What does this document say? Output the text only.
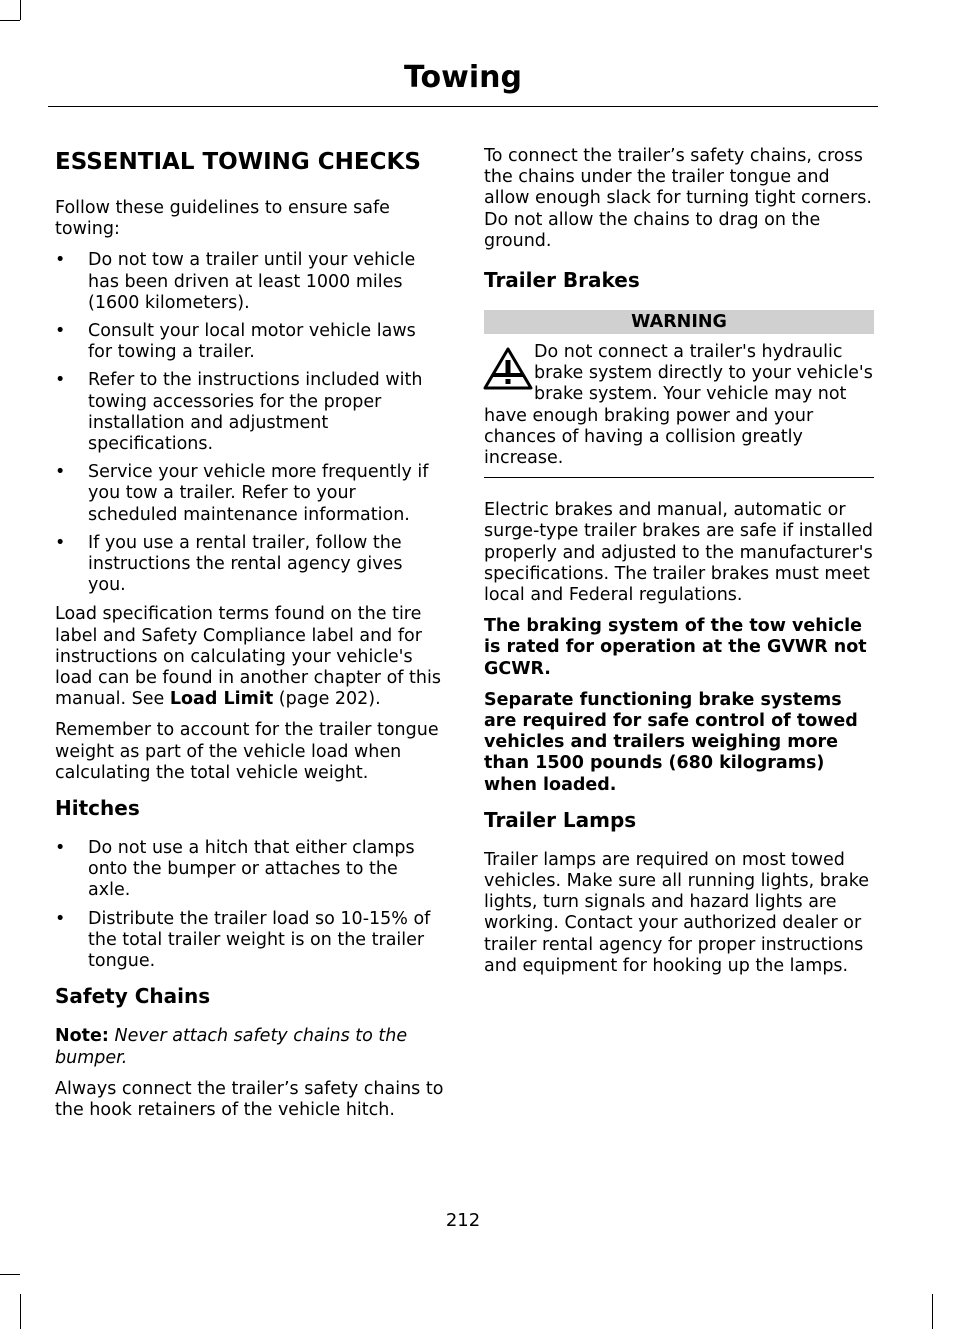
Towing
ESSENTIAL TOWING CHECKS

Follow these guidelines to ensure safe towing:

• Do not tow a trailer until your vehicle has been driven at least 1000 miles (1600 kilometers).
• Consult your local motor vehicle laws for towing a trailer.
• Refer to the instructions included with towing accessories for the proper installation and adjustment specifications.
• Service your vehicle more frequently if you tow a trailer. Refer to your scheduled maintenance information.
• If you use a rental trailer, follow the instructions the rental agency gives you.

Load specification terms found on the tire label and Safety Compliance label and for instructions on calculating your vehicle's load can be found in another chapter of this manual. See Load Limit (page 202).

Remember to account for the trailer tongue weight as part of the vehicle load when calculating the total vehicle weight.

Hitches
• Do not use a hitch that either clamps onto the bumper or attaches to the axle.
• Distribute the trailer load so 10-15% of the total trailer weight is on the trailer tongue.
Safety Chains

Note: Never attach safety chains to the bumper.

Always connect the trailer’s safety chains to the hook retainers of the vehicle hitch.

To connect the trailer’s safety chains, cross the chains under the trailer tongue and allow enough slack for turning tight corners. Do not allow the chains to drag on the ground.

Trailer Brakes
WARNING

Do not connect a trailer's hydraulic brake system directly to your vehicle's brake system. Your vehicle may not have enough braking power and your chances of having a collision greatly increase.

Electric brakes and manual, automatic or surge-type trailer brakes are safe if installed properly and adjusted to the manufacturer's specifications. The trailer brakes must meet local and Federal regulations.

The braking system of the tow vehicle is rated for operation at the GVWR not GCWR.

Separate functioning brake systems are required for safe control of towed vehicles and trailers weighing more than 1500 pounds (680 kilograms) when loaded.

Trailer Lamps

Trailer lamps are required on most towed vehicles. Make sure all running lights, brake lights, turn signals and hazard lights are working. Contact your authorized dealer or trailer rental agency for proper instructions and equipment for hooking up the lamps.

212
